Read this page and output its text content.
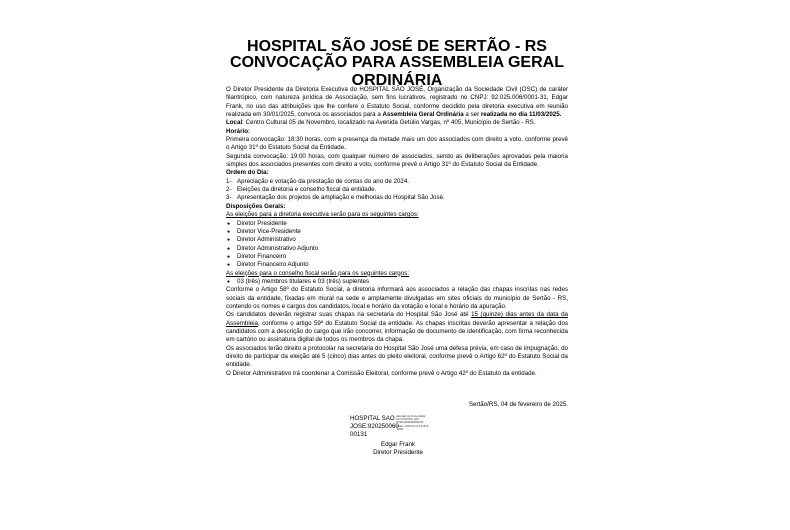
HOSPITAL SÃO JOSÉ DE SERTÃO - RS
CONVOCAÇÃO PARA ASSEMBLEIA GERAL ORDINÁRIA

O Diretor Presidente da Diretoria Executiva do HOSPITAL SÃO JOSÉ, Organização da Sociedade Civil (OSC) de caráter filantrópico, com natureza jurídica de Associação, sem fins lucrativos, registrado no CNPJ: 92.025.006/0001-31, Edgar Frank, no uso das atribuições que lhe confere o Estatuto Social, conforme decidido pela diretoria executiva em reunião realizada em 30/01/2025, convoca os associados para a Assembleia Geral Ordinária a ser realizada no dia 11/03/2025.

Local: Centro Cultural 05 de Novembro, localizado na Avenida Getúlio Vargas, nº 405, Município de Sertão - RS.

Horário:

Primeira convocação: 18:30 horas, com a presença da metade mais um dos associados com direito a voto, conforme prevê o Artigo 31º do Estatuto Social da Entidade.

Segunda convocação: 19:00 horas, com qualquer número de associados, sendo as deliberações aprovadas pela maioria simples dos associados presentes com direito a voto, conforme prevê o Artigo 31º do Estatuto Social da Entidade.

Ordem do Dia:

1- Apreciação e votação da prestação de contas do ano de 2024.
2- Eleições da diretoria e conselho fiscal da entidade.
3- Apresentação dos projetos de ampliação e melhorias do Hospital São José.

Disposições Gerais:

As eleições para a diretoria executiva serão para os seguintes cargos:

● Diretor Presidente
● Diretor Vice-Presidente
● Diretor Administrativo
● Diretor Administrativo Adjunto
● Diretor Financeiro
● Diretor Financeiro Adjunto

As eleições para o conselho fiscal serão para os seguintes cargos:

● 03 (três) membros titulares e 03 (três) suplentes

Conforme o Artigo 58º do Estatuto Social, a diretoria informará aos associados a relação das chapas inscritas nas redes sociais da entidade, fixadas em mural na sede e amplamente divulgadas em sites oficiais do município de Sertão - RS, contendo os nomes e cargos dos candidatos, local e horário da votação e local e horário da apuração.

Os candidatos deverão registrar suas chapas na secretaria do Hospital São José até 15 (quinze) dias antes da data da Assembleia, conforme o artigo 59º do Estatuto Social da entidade. As chapas inscritas deverão apresentar a relação dos candidatos com a descrição do cargo que irão concorrer, informação de documento de identificação, com firma reconhecida em cartório ou assinatura digital de todos os membros da chapa.

Os associados terão direito a protocolar na secretaria do Hospital São José uma defesa prévia, em caso de impugnação, do direito de participar da eleição até 5 (cinco) dias antes do pleito eleitoral, conforme prevê o Artigo 62º do Estatuto Social da entidade.

O Diretor Administrativo irá coordenar a Comissão Eleitoral, conforme prevê o Artigo 42º do Estatuto da entidade.

Sertão/RS, 04 de fevereiro de 2025.
HOSPITAL SAO
JOSE:920250060
00131
Assinado de forma digital
por HOSPITAL SAO
JOSE:92025006000131
Dados: 2025.02.04 14:28:01
-03'00'
Edgar Frank
Diretor Presidente
